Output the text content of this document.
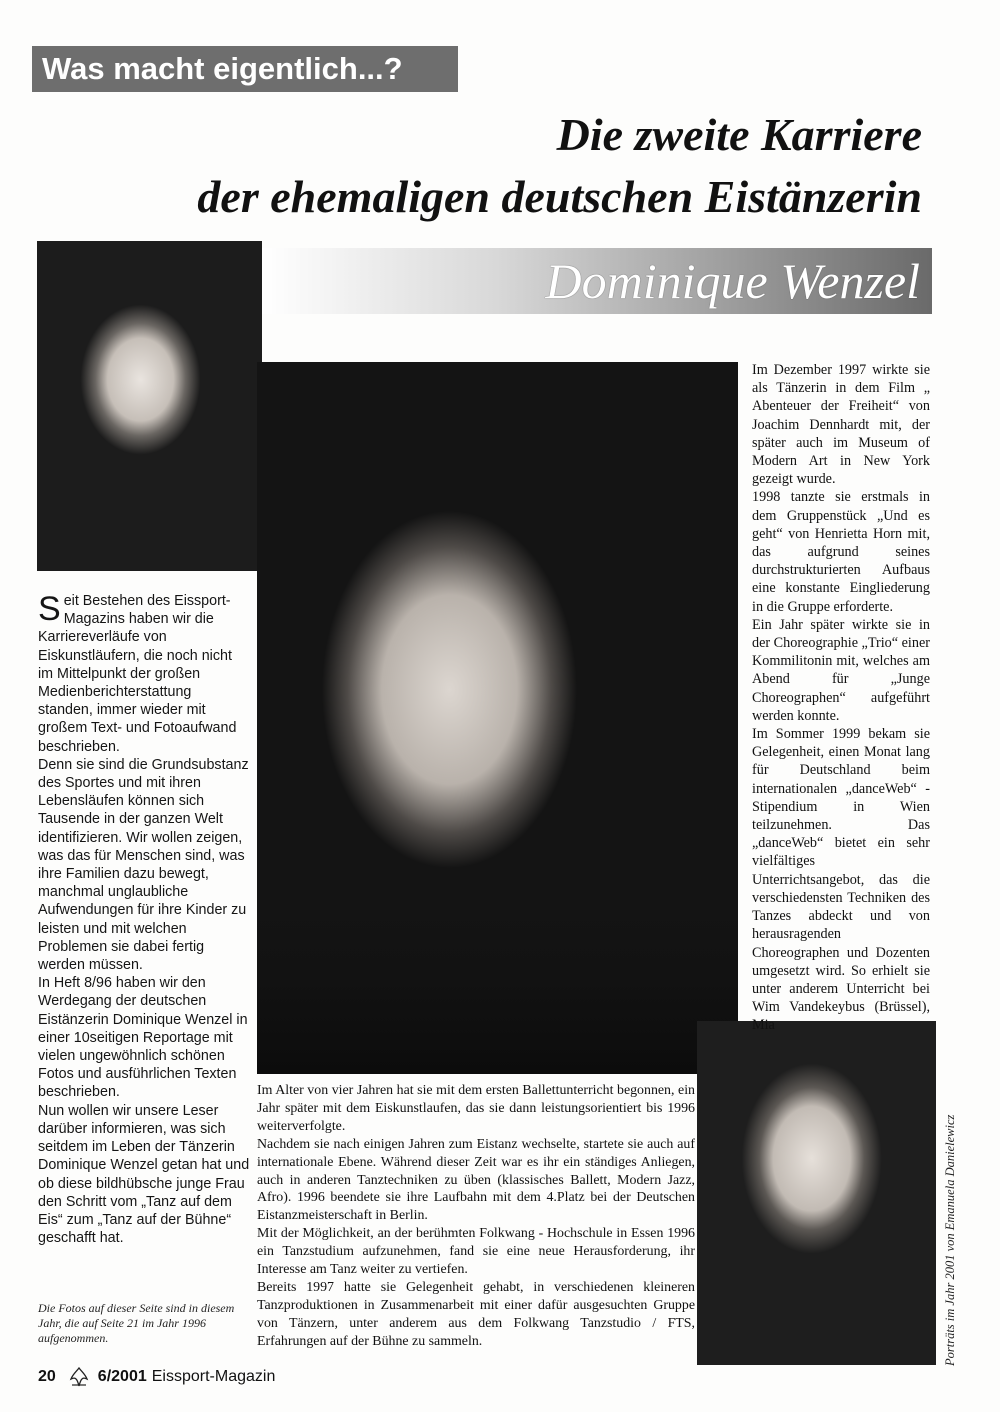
Was macht eigentlich...?
Die zweite Karriere
der ehemaligen deutschen Eistänzerin
Dominique Wenzel
S eit Bestehen des Eissport-Magazins haben wir die Karriereverläufe von Eiskunstläufern, die noch nicht im Mittelpunkt der großen Medienberichterstattung standen, immer wieder mit großem Text- und Fotoaufwand beschrieben.

Denn sie sind die Grundsubstanz des Sportes und mit ihren Lebensläufen können sich Tausende in der ganzen Welt identifizieren. Wir wollen zeigen, was das für Menschen sind, was ihre Familien dazu bewegt, manchmal unglaubliche Aufwendungen für ihre Kinder zu leisten und mit welchen Problemen sie dabei fertig werden müssen.

In Heft 8/96 haben wir den Werdegang der deutschen Eistänzerin Dominique Wenzel in einer 10seitigen Reportage mit vielen ungewöhnlich schönen Fotos und ausführlichen Texten beschrieben.

Nun wollen wir unsere Leser darüber informieren, was sich seitdem im Leben der Tänzerin Dominique Wenzel getan hat und ob diese bildhübsche junge Frau den Schritt vom „Tanz auf dem Eis“ zum „Tanz auf der Bühne“ geschafft hat.

Die Fotos auf dieser Seite sind in diesem Jahr, die auf Seite 21 im Jahr 1996 aufgenommen.

Im Dezember 1997 wirkte sie als Tänzerin in dem Film „ Abenteuer der Freiheit“ von Joachim Dennhardt mit, der später auch im Museum of Modern Art in New York gezeigt wurde.

1998 tanzte sie erstmals in dem Gruppenstück „Und es geht“ von Henrietta Horn mit, das aufgrund seines durchstrukturierten Aufbaus eine konstante Eingliederung in die Gruppe erforderte.

Ein Jahr später wirkte sie in der Choreographie „Trio“ einer Kommilitonin mit, welches am Abend für „Junge Choreographen“ aufgeführt werden konnte.

Im Sommer 1999 bekam sie Gelegenheit, einen Monat lang für Deutschland beim internationalen „danceWeb“ - Stipendium in Wien teilzunehmen. Das „danceWeb“ bietet ein sehr vielfältiges Unterrichtsangebot, das die verschiedensten Techniken des Tanzes abdeckt und von herausragenden Choreographen und Dozenten umgesetzt wird. So erhielt sie unter anderem Unterricht bei Wim Vandekeybus (Brüssel), Mia

Im Alter von vier Jahren hat sie mit dem ersten Ballettunterricht begonnen, ein Jahr später mit dem Eiskunstlaufen, das sie dann leistungsorientiert bis 1996 weiterverfolgte.

Nachdem sie nach einigen Jahren zum Eistanz wechselte, startete sie auch auf internationale Ebene. Während dieser Zeit war es ihr ein ständiges Anliegen, auch in anderen Tanztechniken zu üben (klassisches Ballett, Modern Jazz, Afro). 1996 beendete sie ihre Laufbahn mit dem 4.Platz bei der Deutschen Eistanzmeisterschaft in Berlin.

Mit der Möglichkeit, an der berühmten Folkwang - Hochschule in Essen 1996 ein Tanzstudium aufzunehmen, fand sie eine neue Herausforderung, ihr Interesse am Tanz weiter zu vertiefen.

Bereits 1997 hatte sie Gelegenheit gehabt, in verschiedenen kleineren Tanzproduktionen in Zusammenarbeit mit einer dafür ausgesuchten Gruppe von Tänzern, unter anderem aus dem Folkwang Tanzstudio / FTS, Erfahrungen auf der Bühne zu sammeln.	Porträts im Jahr 2001 von Emanuela Danielewicz
20	6/2001 Eissport-Magazin
